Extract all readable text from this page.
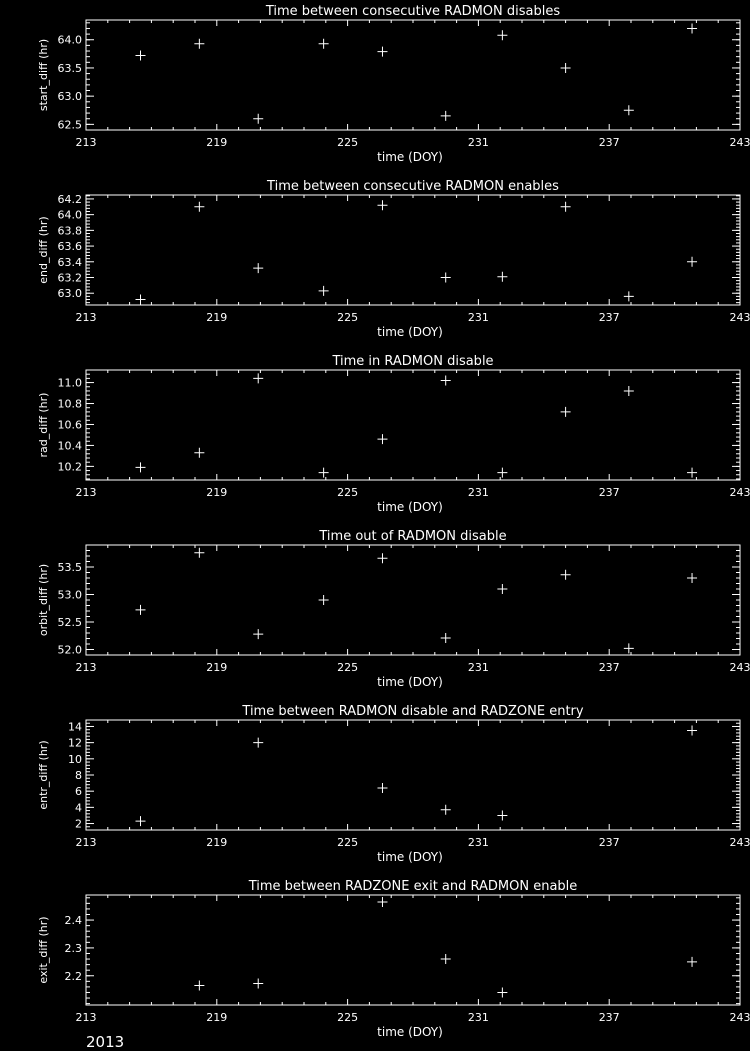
Time between consecutive RADMON disables
213	219	225	231	237	243
62.5
63.0
63.5
64.0
time (DOY)
start_diff (hr)
Time between consecutive RADMON enables
213	219	225	231	237	243
63.0
63.2
63.4
63.6
63.8
64.0
64.2
time (DOY)
end_diff (hr)
Time in RADMON disable
213	219	225	231	237	243
10.2
10.4
10.6
10.8
11.0
time (DOY)
rad_diff (hr)
Time out of RADMON disable
213	219	225	231	237	243
52.0
52.5
53.0
53.5
time (DOY)
orbit_diff (hr)
Time between RADMON disable and RADZONE entry
213	219	225	231	237	243
2
4
6
8
10
12
14
time (DOY)
entr_diff (hr)
Time between RADZONE exit and RADMON enable
213	219	225	231	237	243
2.2
2.3
2.4
time (DOY)
exit_diff (hr)
2013
